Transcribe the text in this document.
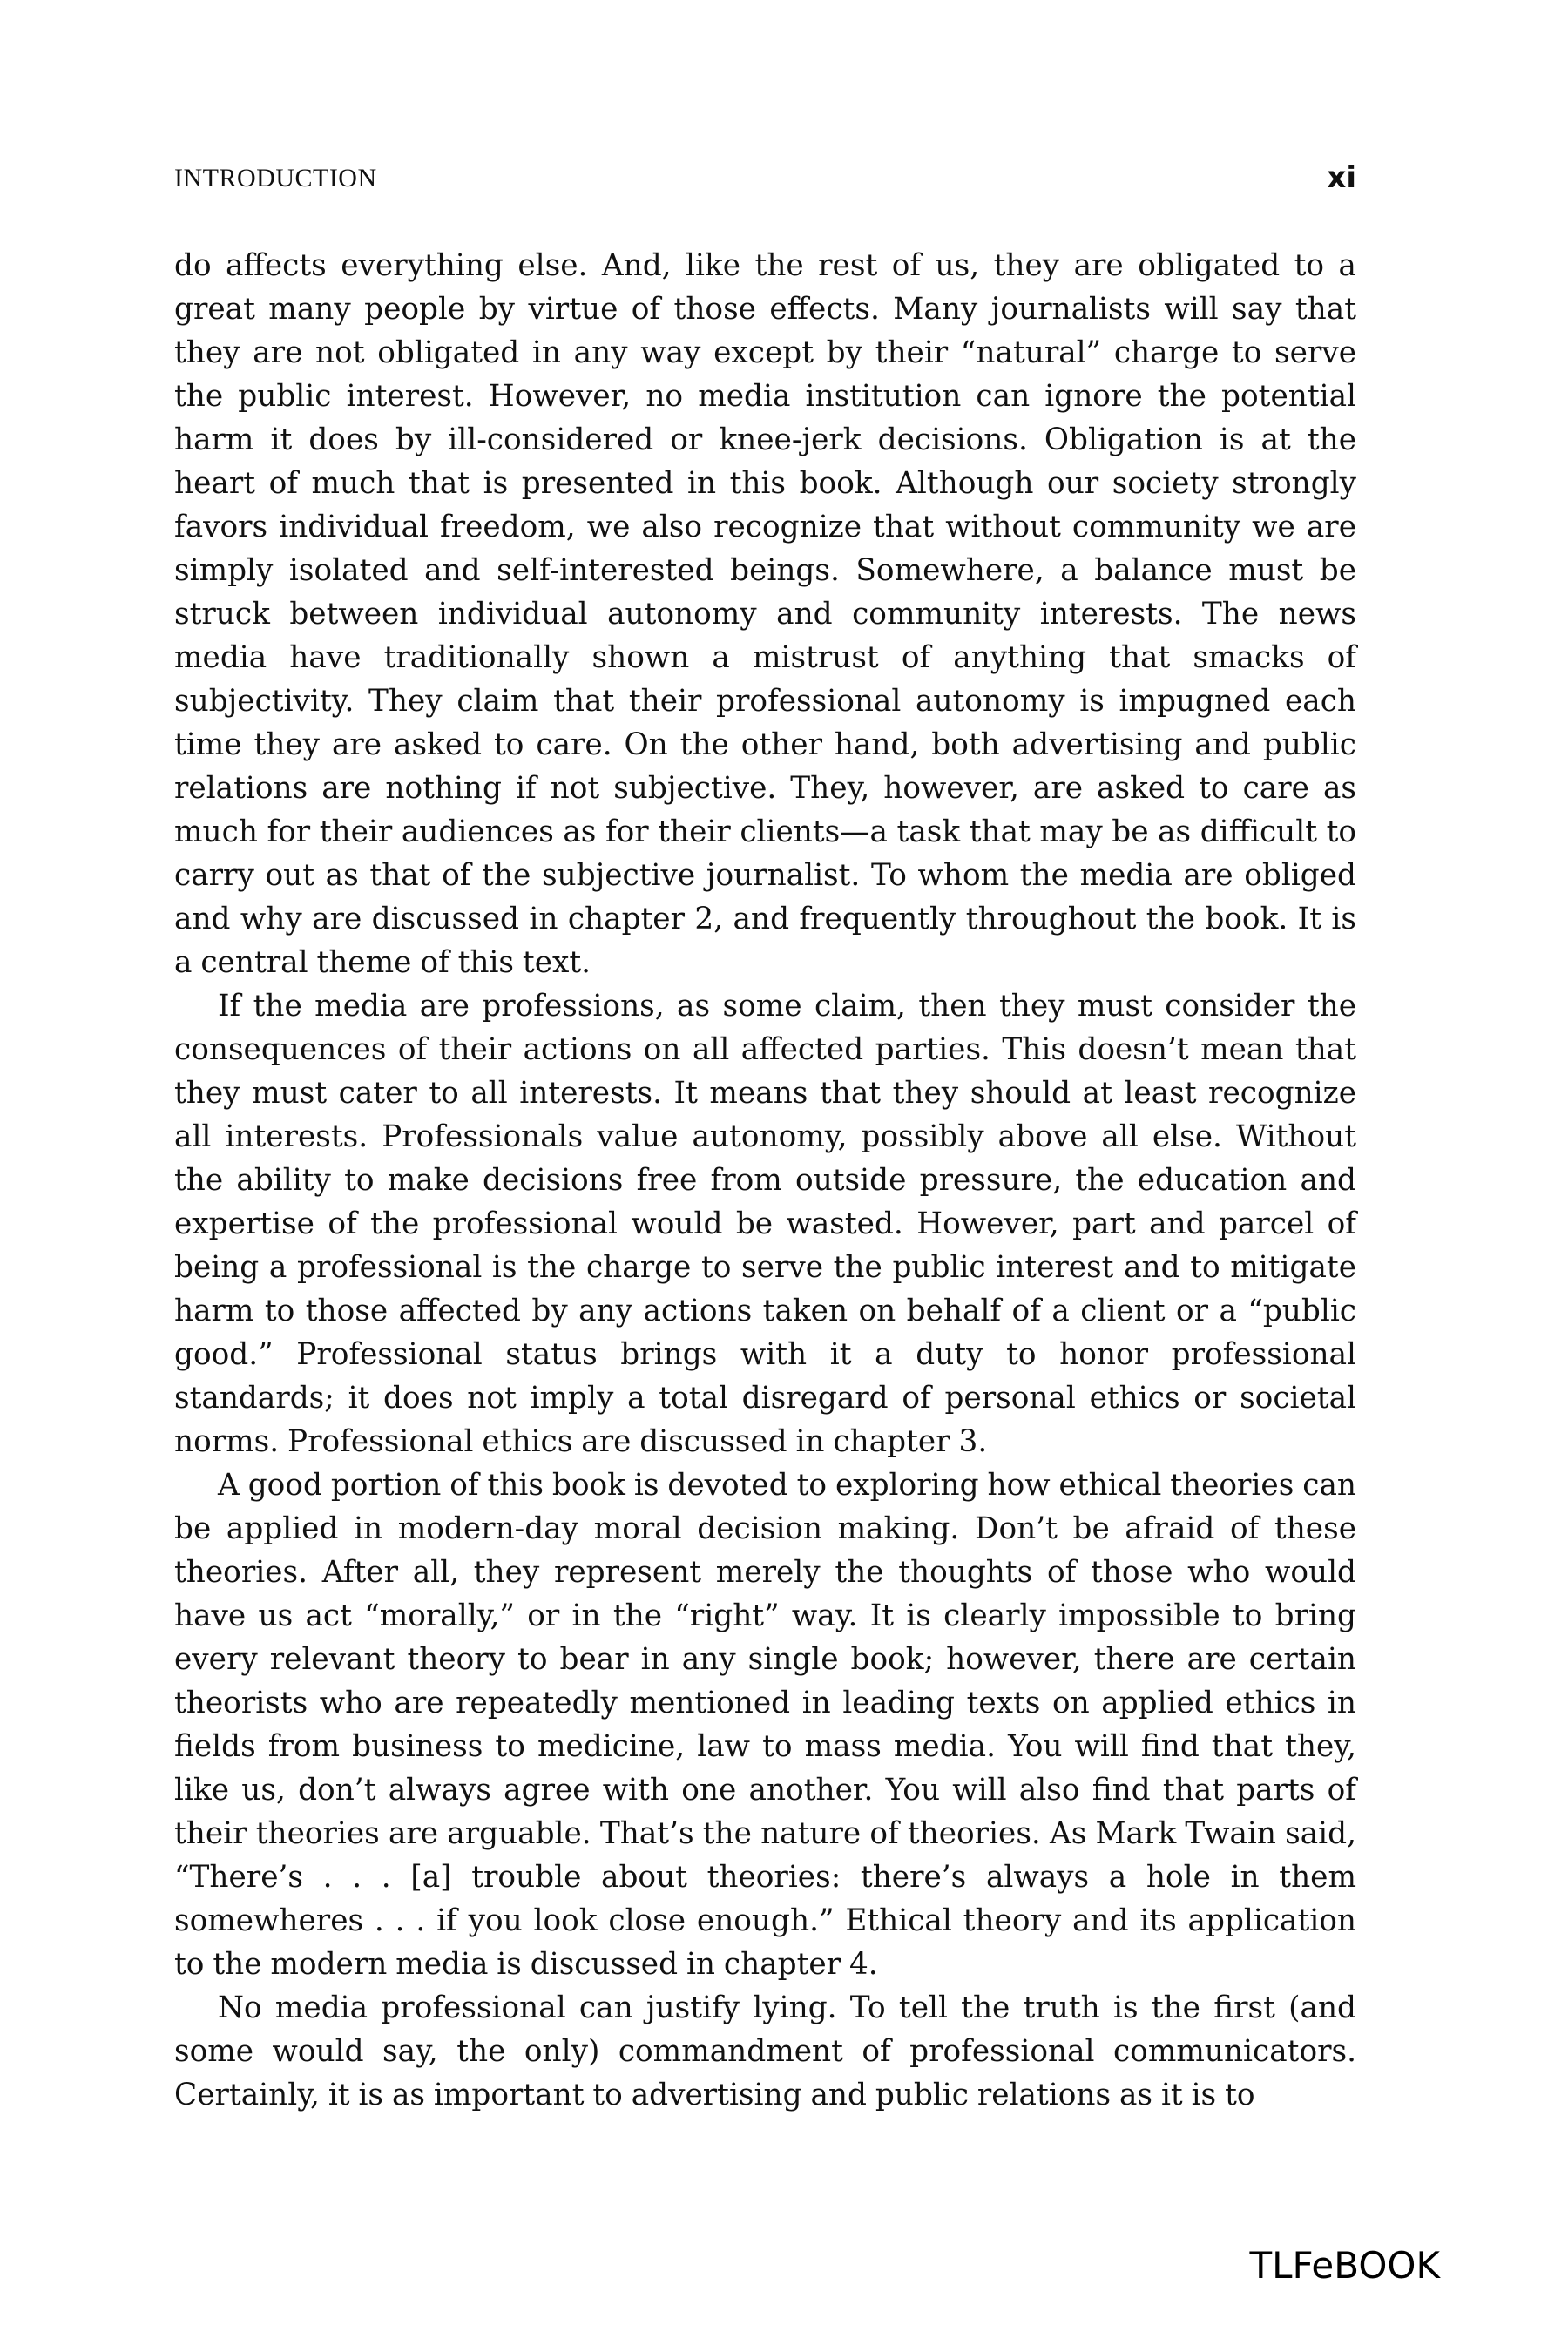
INTRODUCTION	xi

do affects everything else. And, like the rest of us, they are obligated to a great many people by virtue of those effects. Many journalists will say that they are not obligated in any way except by their “natural” charge to serve the public interest. However, no media institution can ignore the potential harm it does by ill-considered or knee-jerk decisions. Obligation is at the heart of much that is presented in this book. Although our society strongly favors individual freedom, we also recognize that without community we are simply isolated and self-interested beings. Somewhere, a balance must be struck between individual autonomy and community interests. The news media have traditionally shown a mistrust of anything that smacks of subjectivity. They claim that their professional autonomy is impugned each time they are asked to care. On the other hand, both advertising and public relations are nothing if not subjective. They, however, are asked to care as much for their audiences as for their clients—a task that may be as difficult to carry out as that of the subjective journalist. To whom the media are obliged and why are discussed in chapter 2, and frequently throughout the book. It is a central theme of this text.

If the media are professions, as some claim, then they must consider the consequences of their actions on all affected parties. This doesn’t mean that they must cater to all interests. It means that they should at least recognize all interests. Professionals value autonomy, possibly above all else. Without the ability to make decisions free from outside pressure, the education and expertise of the professional would be wasted. However, part and parcel of being a professional is the charge to serve the public interest and to mitigate harm to those affected by any actions taken on behalf of a client or a “public good.” Professional status brings with it a duty to honor professional standards; it does not imply a total disregard of personal ethics or societal norms. Professional ethics are discussed in chapter 3.

A good portion of this book is devoted to exploring how ethical theories can be applied in modern-day moral decision making. Don’t be afraid of these theories. After all, they represent merely the thoughts of those who would have us act “morally,” or in the “right” way. It is clearly impossible to bring every relevant theory to bear in any single book; however, there are certain theorists who are repeatedly mentioned in leading texts on applied ethics in fields from business to medicine, law to mass media. You will find that they, like us, don’t always agree with one another. You will also find that parts of their theories are arguable. That’s the nature of theories. As Mark Twain said, “There’s . . . [a] trouble about theories: there’s always a hole in them somewheres . . . if you look close enough.” Ethical theory and its application to the modern media is discussed in chapter 4.

No media professional can justify lying. To tell the truth is the first (and some would say, the only) commandment of professional communicators. Certainly, it is as important to advertising and public relations as it is to

TLFeBOOK
